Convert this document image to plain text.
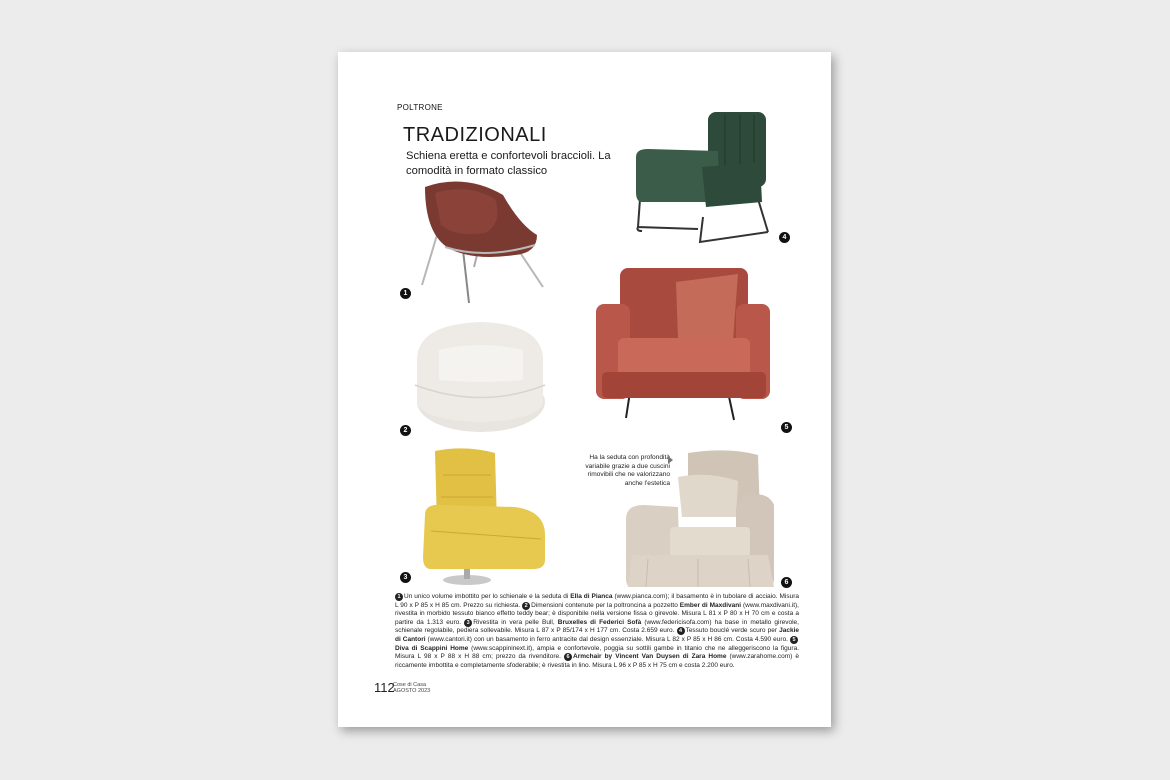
POLTRONE
TRADIZIONALI
Schiena eretta e confortevoli braccioli. La comodità in formato classico
1
4
2	5
3
6
Ha la seduta con profondità variabile grazie a due cuscini rimovibili che ne valorizzano anche l'estetica
1 Un unico volume imbottito per lo schienale e la seduta di Ella di Pianca (www.pianca.com); il basamento è in tubolare di acciaio. Misura L 90 x P 85 x H 85 cm. Prezzo su richiesta. 2 Dimensioni contenute per la poltroncina a pozzetto Ember di Maxdivani (www.maxdivani.it), rivestita in morbido tessuto bianco effetto teddy bear; è disponibile nella versione fissa o girevole. Misura L 81 x P 80 x H 70 cm e costa a partire da 1.313 euro. 3 Rivestita in vera pelle Bull, Bruxelles di Federici Sofà (www.federicisofa.com) ha base in metallo girevole, schienale regolabile, pediera sollevabile. Misura L 87 x P 85/174 x H 177 cm. Costa 2.659 euro. 4 Tessuto bouclé verde scuro per Jackie di Cantori (www.cantori.it) con un basamento in ferro antracite dal design essenziale. Misura L 82 x P 85 x H 86 cm. Costa 4.590 euro. 5Diva di Scappini Home (www.scappininext.it), ampia e confortevole, poggia su sottili gambe in titanio che ne alleggeriscono la figura. Misura L 98 x P 88 x H 88 cm; prezzo da rivenditore. 6 Armchair by Vincent Van Duysen di Zara Home (www.zarahome.com) è riccamente imbottita e completamente sfoderabile; è rivestita in lino. Misura L 96 x P 85 x H 75 cm e costa 2.200 euro.
112
Cose di Casa
AGOSTO 2023
